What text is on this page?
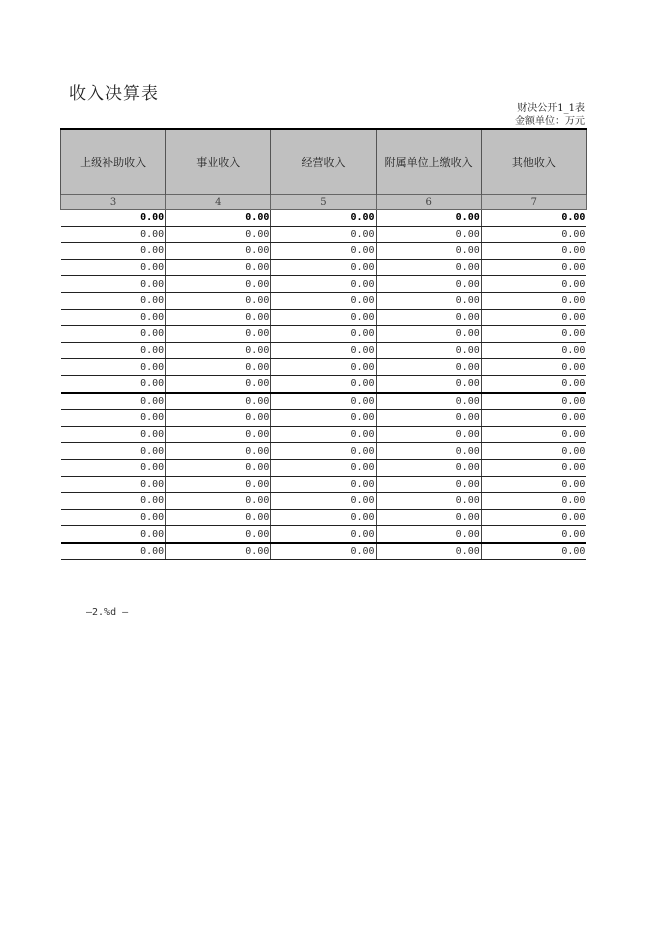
收入决算表
财决公开1_1表
金额单位：万元
上级补助收入	事业收入	经营收入	附属单位上缴收入	其他收入
3	4	5	6	7
0.00	0.00	0.00	0.00	0.00
0.00	0.00	0.00	0.00	0.00
0.00	0.00	0.00	0.00	0.00
0.00	0.00	0.00	0.00	0.00
0.00	0.00	0.00	0.00	0.00
0.00	0.00	0.00	0.00	0.00
0.00	0.00	0.00	0.00	0.00
0.00	0.00	0.00	0.00	0.00
0.00	0.00	0.00	0.00	0.00
0.00	0.00	0.00	0.00	0.00
0.00	0.00	0.00	0.00	0.00
0.00	0.00	0.00	0.00	0.00
0.00	0.00	0.00	0.00	0.00
0.00	0.00	0.00	0.00	0.00
0.00	0.00	0.00	0.00	0.00
0.00	0.00	0.00	0.00	0.00
0.00	0.00	0.00	0.00	0.00
0.00	0.00	0.00	0.00	0.00
0.00	0.00	0.00	0.00	0.00
0.00	0.00	0.00	0.00	0.00
0.00	0.00	0.00	0.00	0.00
—2.%d —
